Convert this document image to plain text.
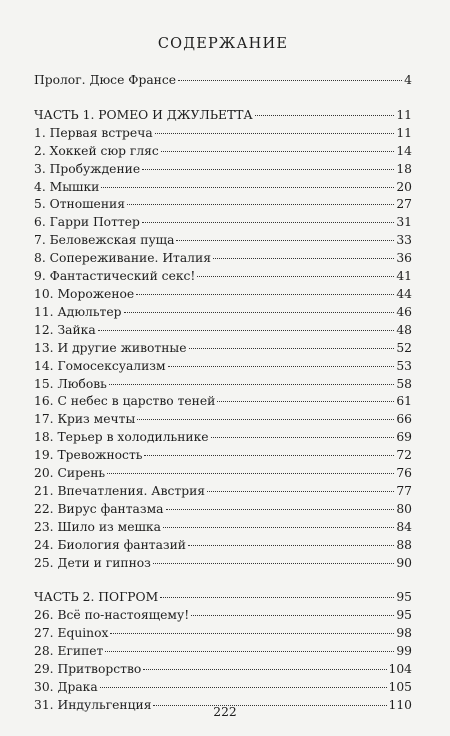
СОДЕРЖАНИЕ
Пролог. Дюсе Франсе	4
ЧАСТЬ 1. РОМЕО И ДЖУЛЬЕТТА	11
1. Первая встреча	11
2. Хоккей сюр гляс	14
3. Пробуждение	18
4. Мышки	20
5. Отношения	27
6. Гарри Поттер	31
7. Беловежская пуща	33
8. Сопереживание. Италия	36
9. Фантастический секс!	41
10. Мороженое	44
11. Адюльтер	46
12. Зайка	48
13. И другие животные	52
14. Гомосексуализм	53
15. Любовь	58
16. С небес в царство теней	61
17. Криз мечты	66
18. Терьер в холодильнике	69
19. Тревожность	72
20. Сирень	76
21. Впечатления. Австрия	77
22. Вирус фантазма	80
23. Шило из мешка	84
24. Биология фантазий	88
25. Дети и гипноз	90
ЧАСТЬ 2. ПОГРОМ	95
26. Всё по-настоящему!	95
27. Equinox	98
28. Египет	99
29. Притворство	104
30. Драка	105
31. Индульгенция	110
222
